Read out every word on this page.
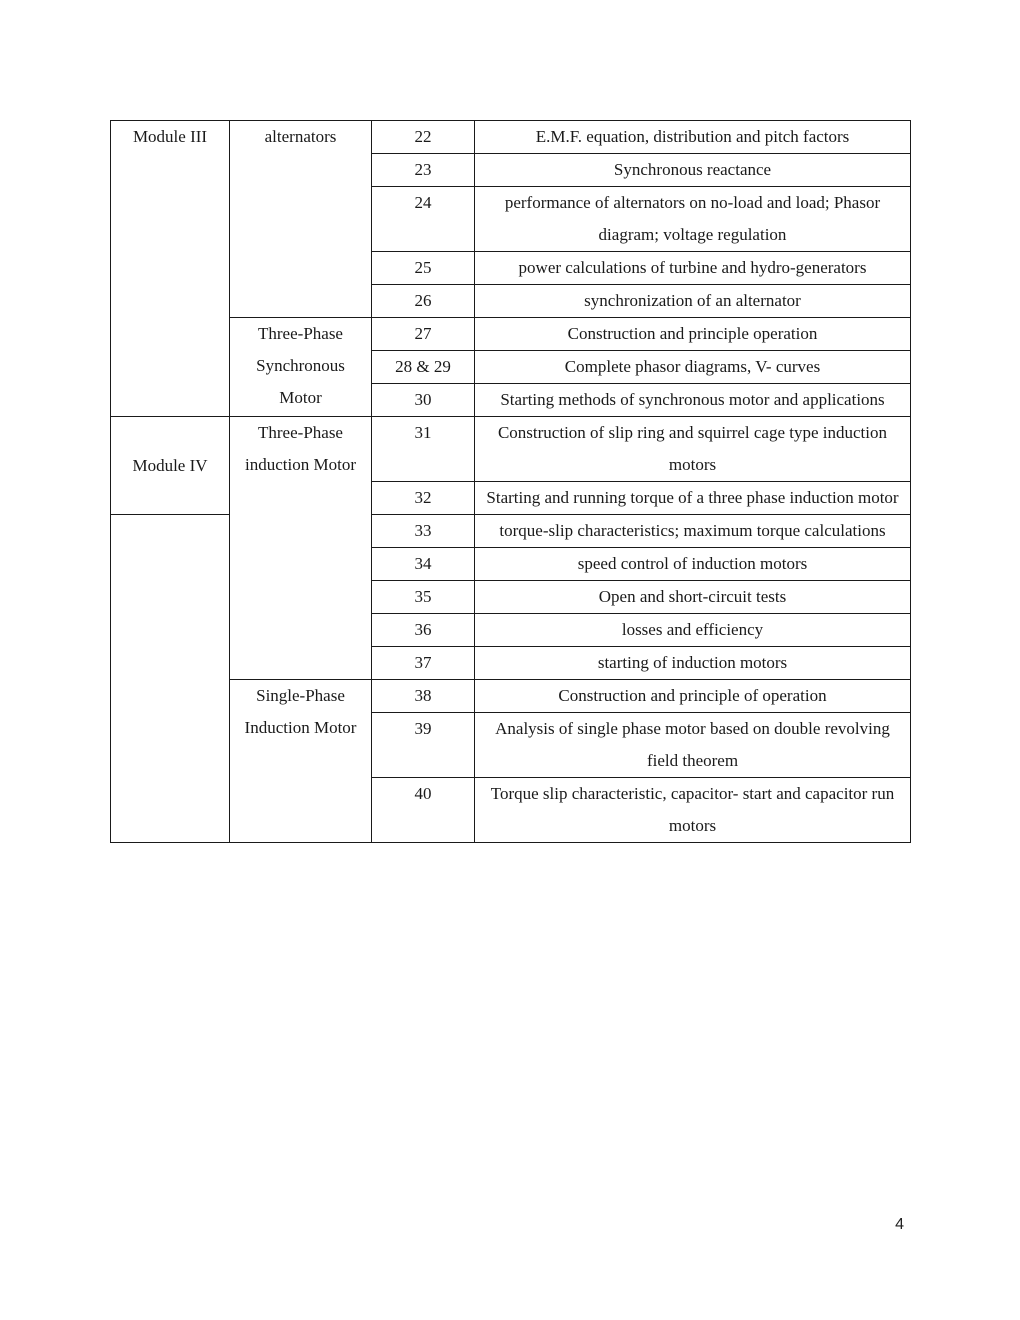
Module III	alternators	22	E.M.F. equation, distribution and pitch factors
		23	Synchronous reactance
		24	performance of alternators on no-load and load; Phasor diagram; voltage regulation
		25	power calculations of turbine and hydro-generators
		26	synchronization of an alternator
	Three-Phase Synchronous Motor	27	Construction and principle operation
		28 & 29	Complete phasor diagrams, V- curves
		30	Starting methods of synchronous motor and applications
Module IV	Three-Phase induction Motor	31	Construction of slip ring and squirrel cage type induction motors
		32	Starting and running torque of a three phase induction motor
		33	torque-slip characteristics; maximum torque calculations
		34	speed control of induction motors
		35	Open and short-circuit tests
		36	losses and efficiency
		37	starting of induction motors
	Single-Phase Induction Motor	38	Construction and principle of operation
		39	Analysis of single phase motor based on double revolving field theorem
		40	Torque slip characteristic, capacitor- start and capacitor run motors
4
